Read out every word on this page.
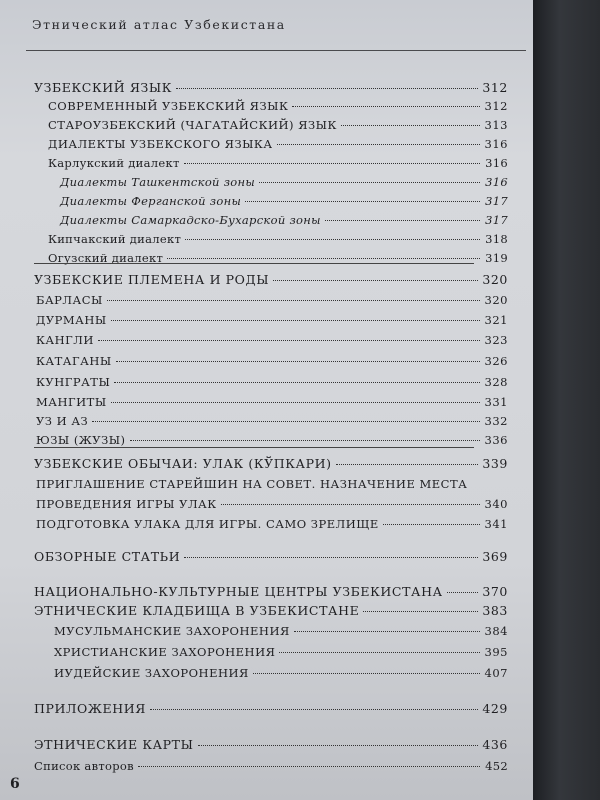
Этнический атлас Узбекистана
УЗБЕКСКИЙ ЯЗЫК	312
СОВРЕМЕННЫЙ УЗБЕКСКИЙ ЯЗЫК	312
СТАРОУЗБЕКСКИЙ (ЧАГАТАЙСКИЙ) ЯЗЫК	313
ДИАЛЕКТЫ УЗБЕКСКОГО ЯЗЫКА	316
Карлукский диалект	316
Диалекты Ташкентской зоны	316
Диалекты Ферганской зоны	317
Диалекты Самаркадско-Бухарской зоны	317
Кипчакский диалект	318
Огузский диалект	319
УЗБЕКСКИЕ ПЛЕМЕНА И РОДЫ	320
БАРЛАСЫ	320
ДУРМАНЫ	321
КАНГЛИ	323
КАТАГАНЫ	326
КУНГРАТЫ	328
МАНГИТЫ	331
УЗ И АЗ	332
ЮЗЫ (ЖУЗЫ)	336
УЗБЕКСКИЕ ОБЫЧАИ: УЛАК (КЎПКАРИ)	339
ПРИГЛАШЕНИЕ СТАРЕЙШИН НА СОВЕТ. НАЗНАЧЕНИЕ МЕСТА
ПРОВЕДЕНИЯ ИГРЫ УЛАК	340
ПОДГОТОВКА УЛАКА ДЛЯ ИГРЫ. САМО ЗРЕЛИЩЕ	341
ОБЗОРНЫЕ СТАТЬИ	369
НАЦИОНАЛЬНО-КУЛЬТУРНЫЕ ЦЕНТРЫ УЗБЕКИСТАНА	370
ЭТНИЧЕСКИЕ КЛАДБИЩА В УЗБЕКИСТАНЕ	383
МУСУЛЬМАНСКИЕ ЗАХОРОНЕНИЯ	384
ХРИСТИАНСКИЕ ЗАХОРОНЕНИЯ	395
ИУДЕЙСКИЕ ЗАХОРОНЕНИЯ	407
ПРИЛОЖЕНИЯ	429
ЭТНИЧЕСКИЕ КАРТЫ	436
Список авторов	452
6
